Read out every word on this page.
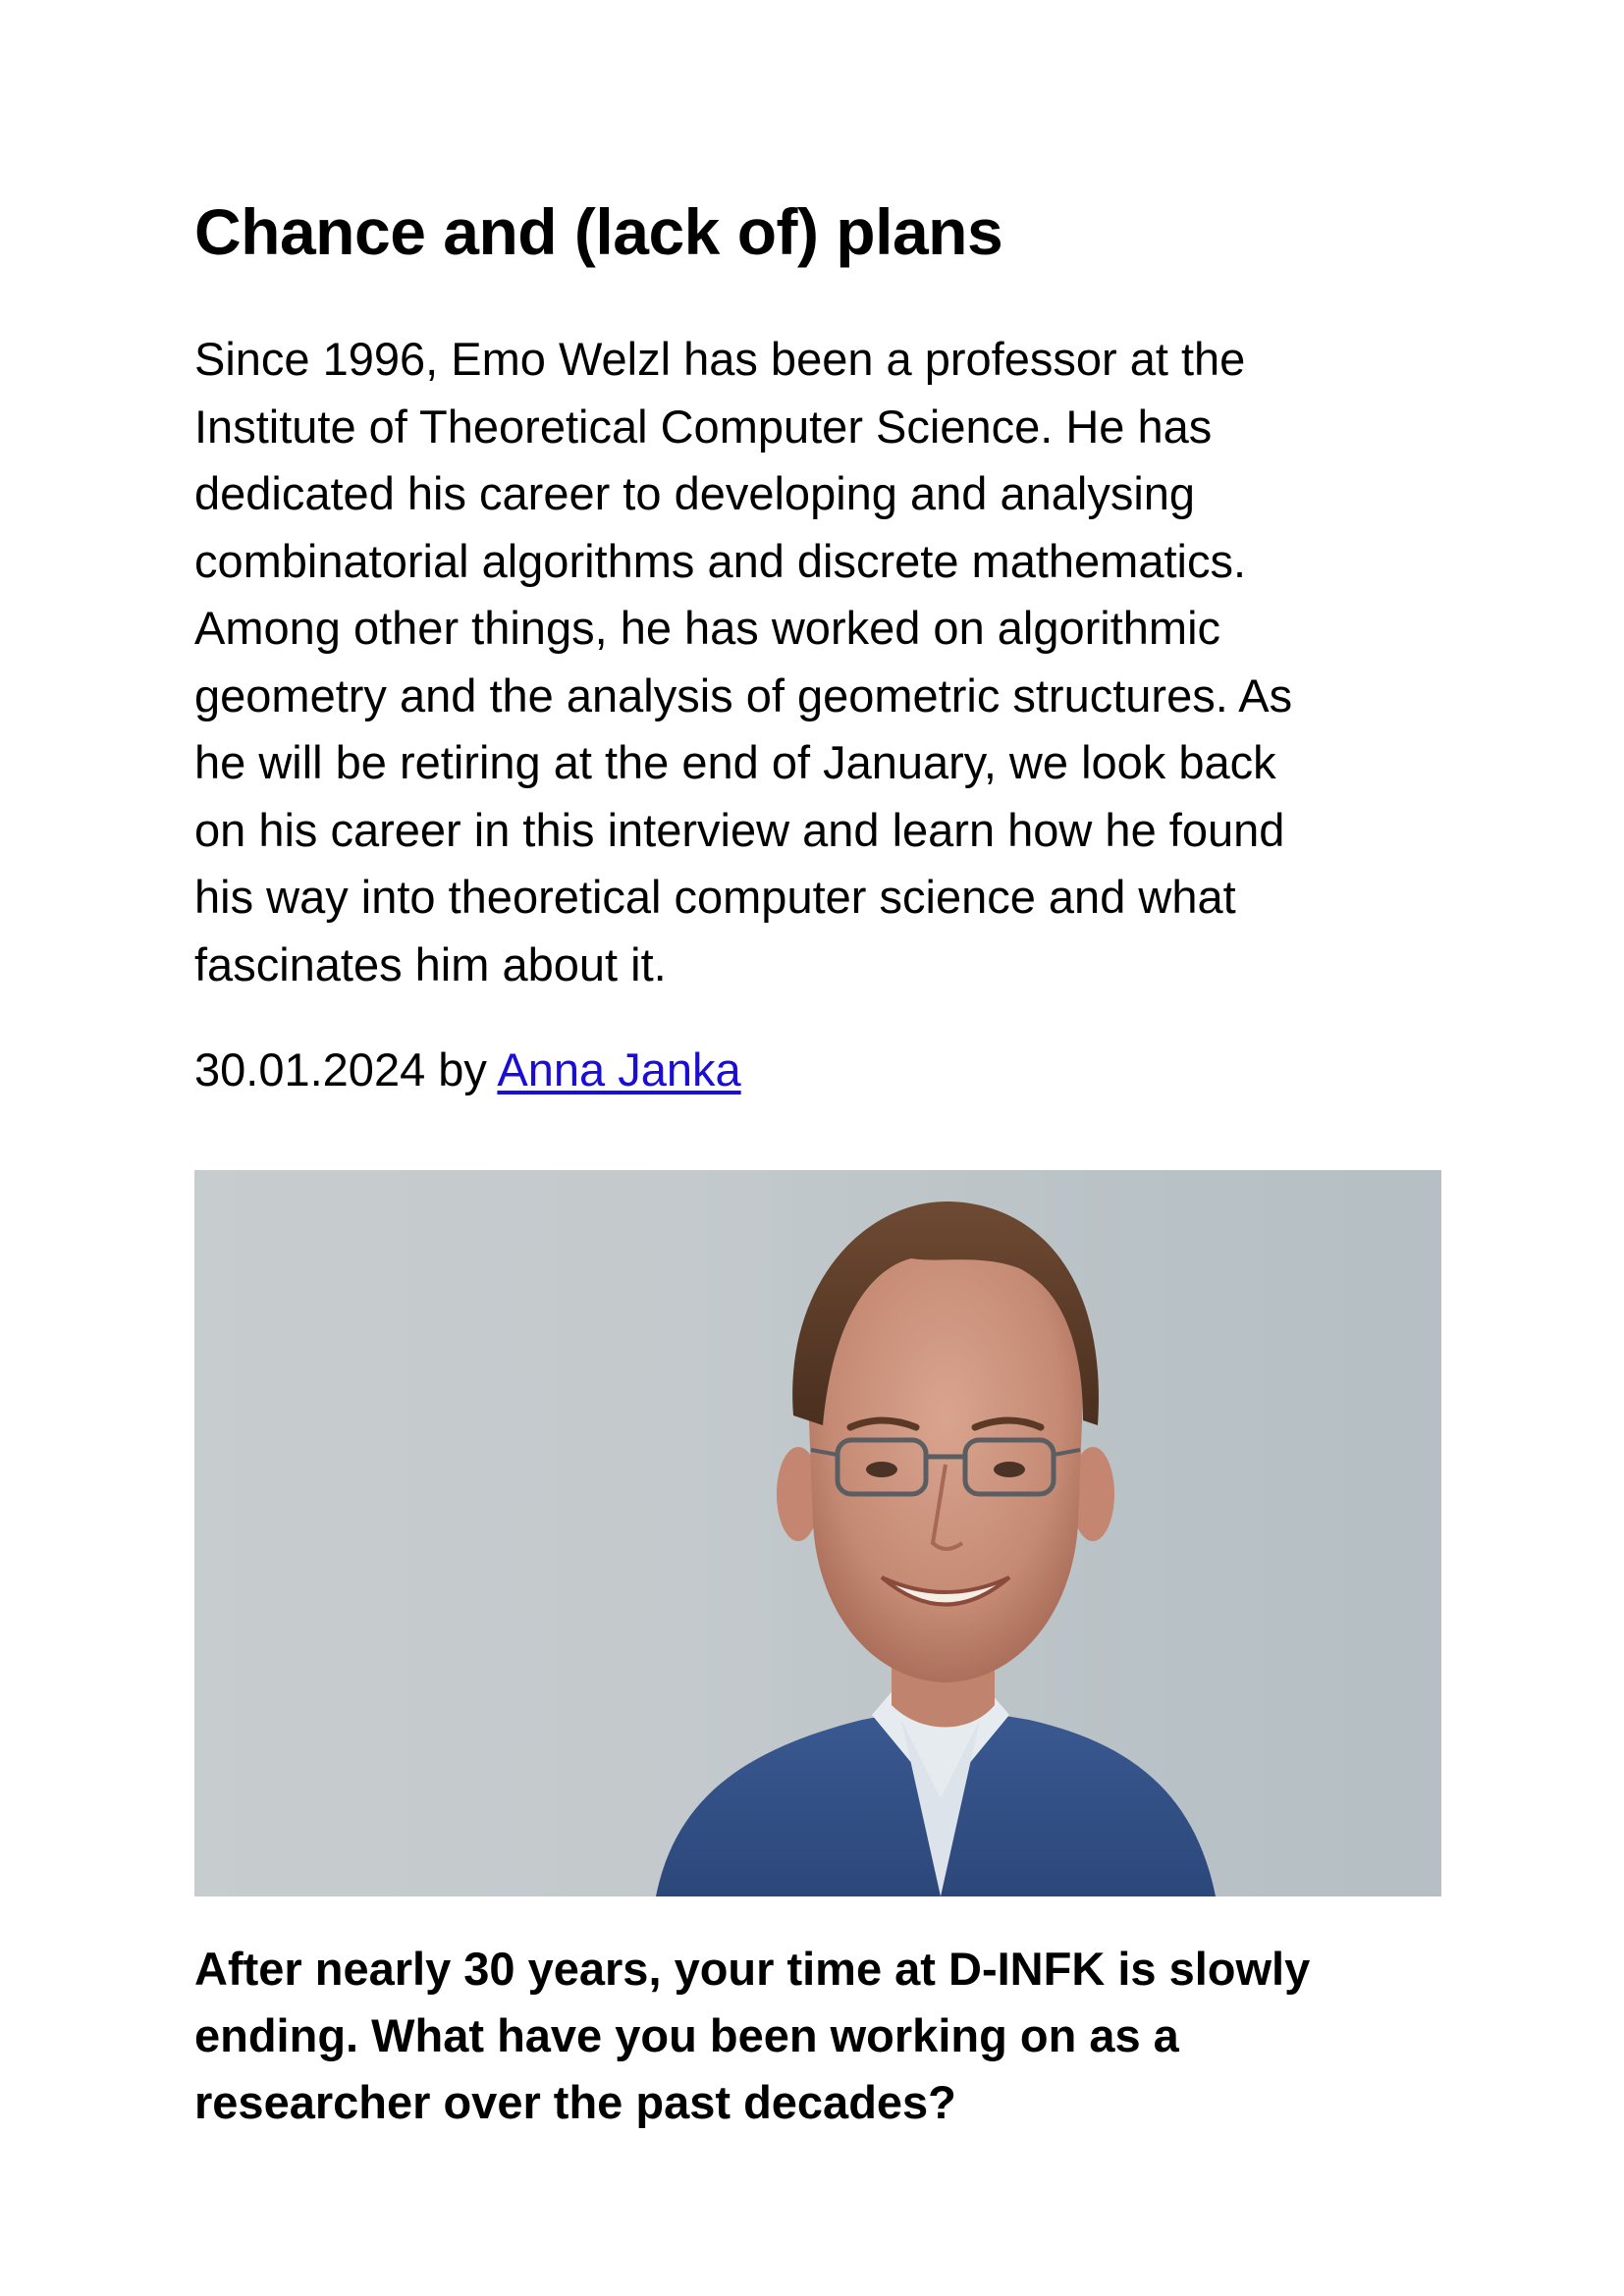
Chance and (lack of) plans
Since 1996, Emo Welzl has been a professor at the
Institute of Theoretical Computer Science. He has
dedicated his career to developing and analysing
combinatorial algorithms and discrete mathematics.
Among other things, he has worked on algorithmic
geometry and the analysis of geometric structures. As
he will be retiring at the end of January, we look back
on his career in this interview and learn how he found
his way into theoretical computer science and what
fascinates him about it.
30.01.2024 by Anna Janka
After nearly 30 years, your time at D-INFK is slowly
ending. What have you been working on as a
researcher over the past decades?
